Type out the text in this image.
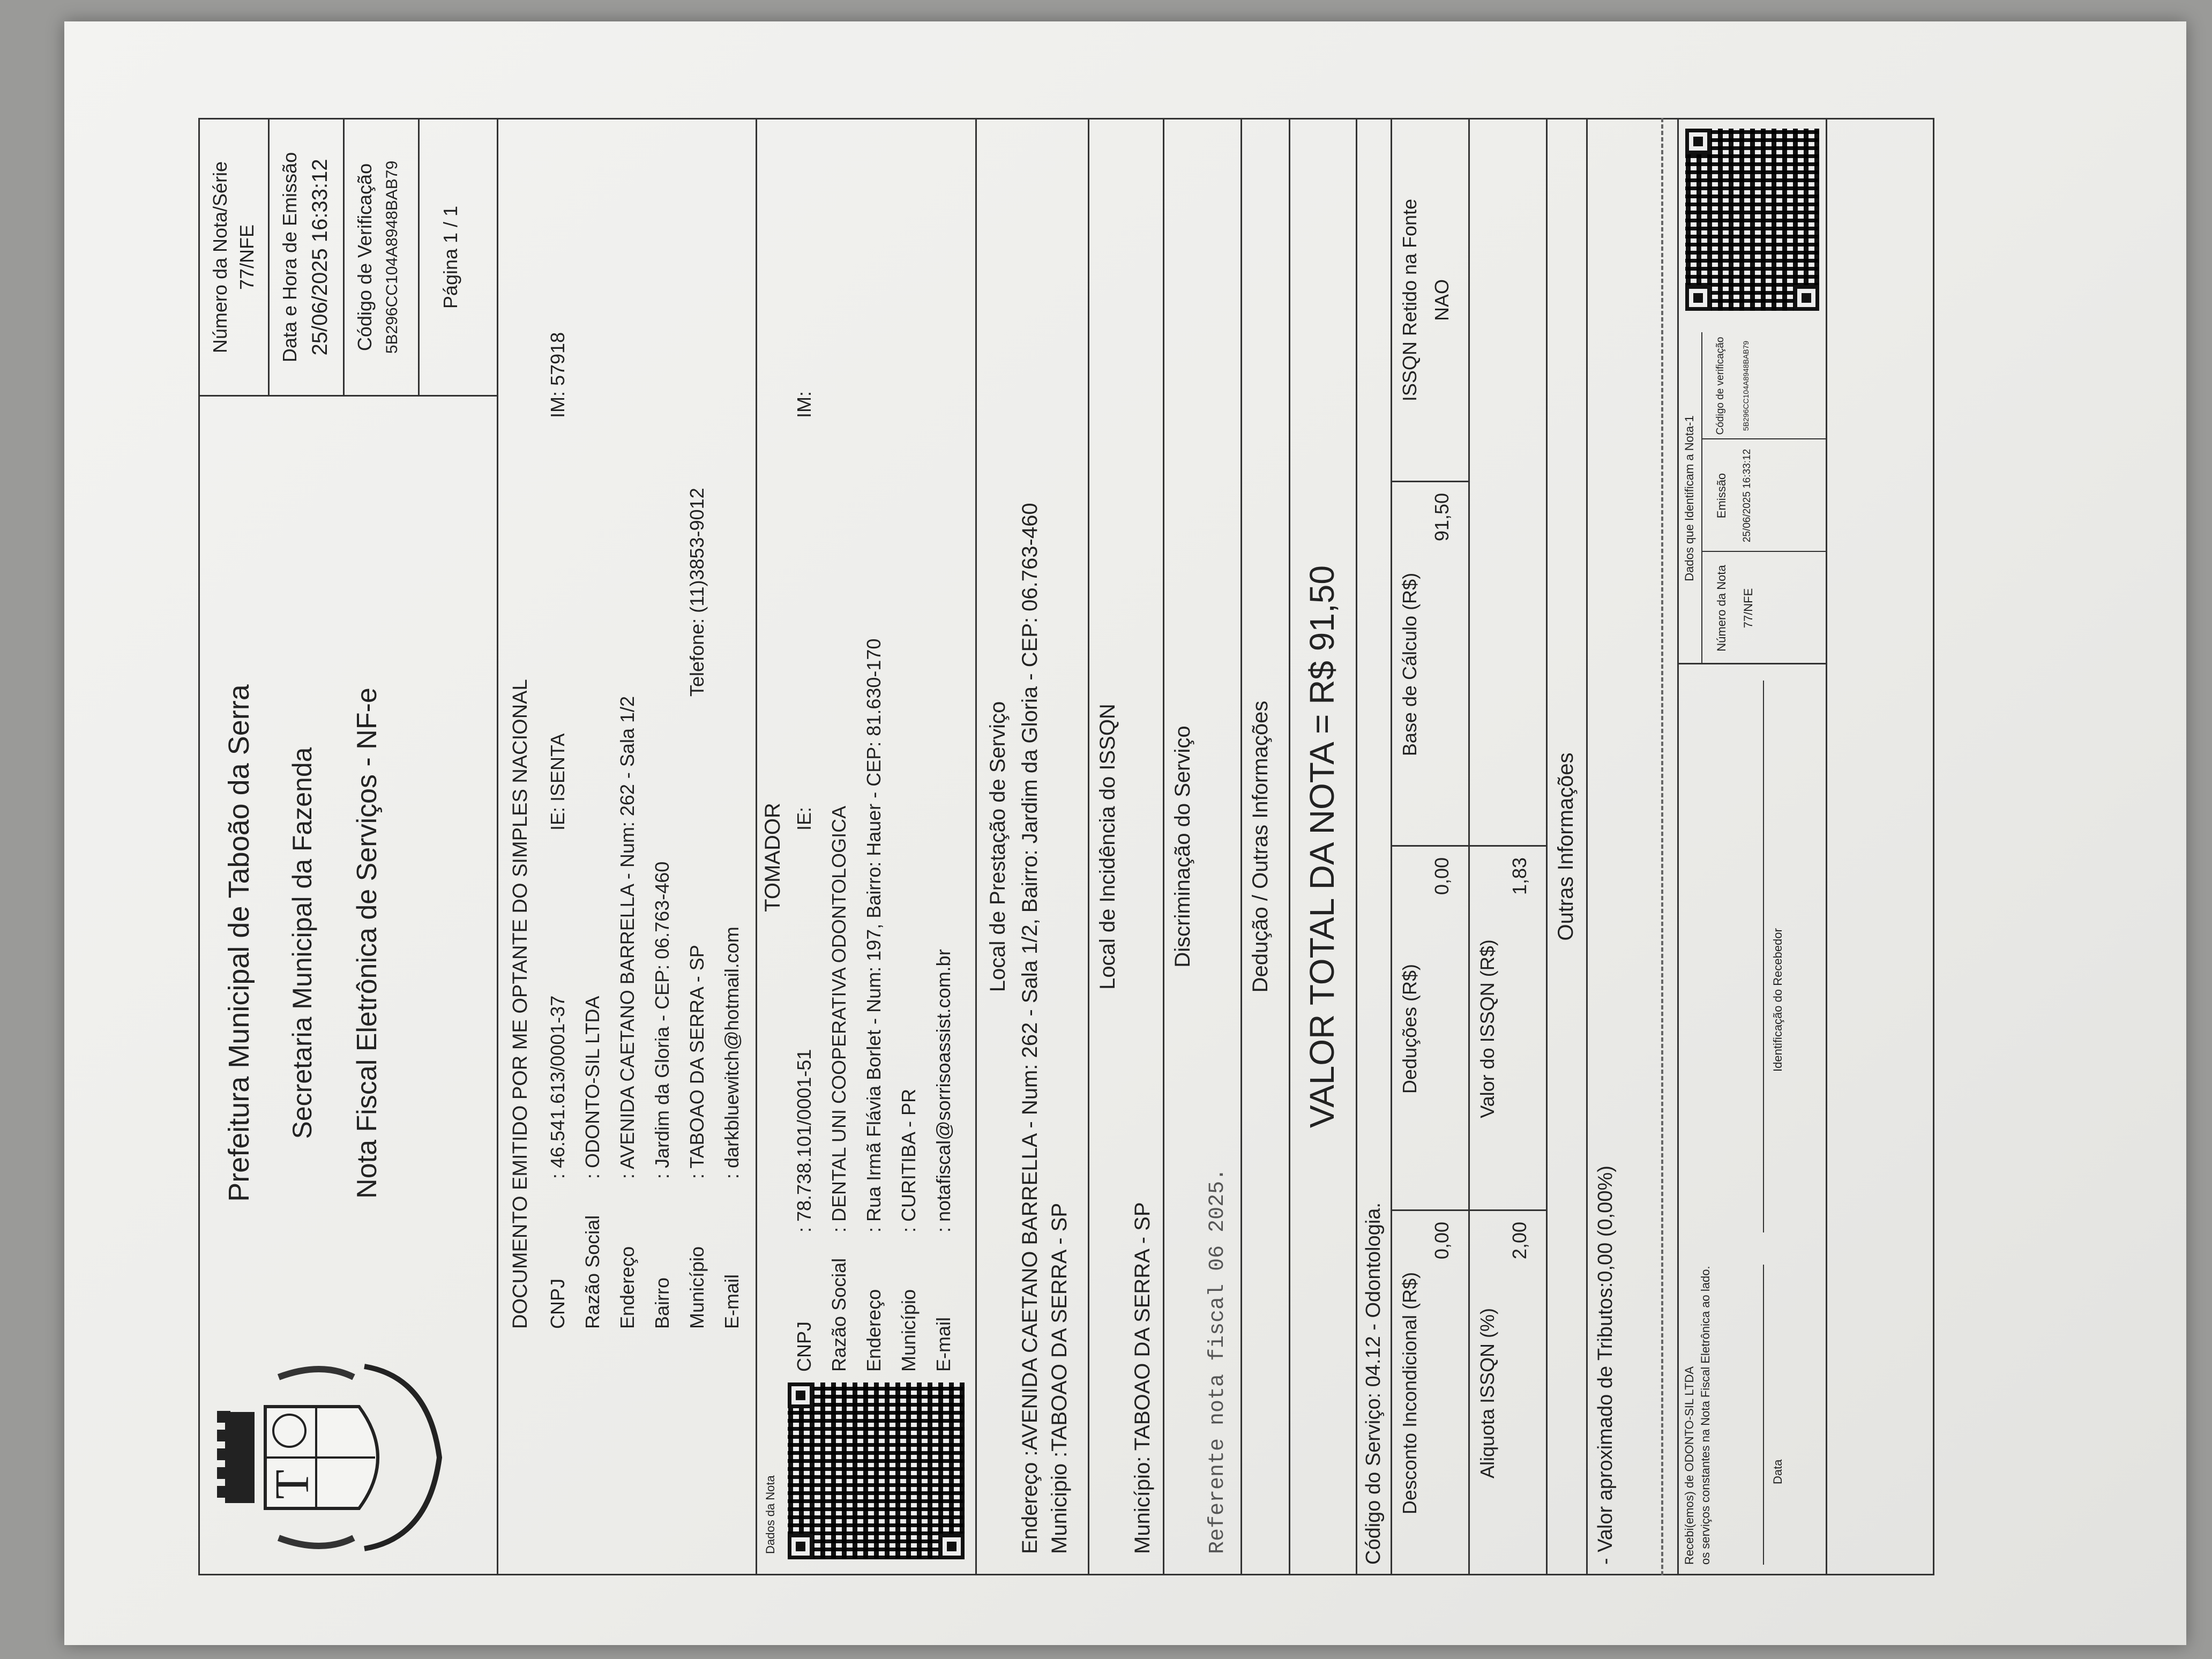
T
Prefeitura Municipal de Taboão da Serra Secretaria Municipal da Fazenda Nota Fiscal Eletrônica de Serviços - NF-e
Número da Nota/Série 77/NFE Data e Hora de Emissão 25/06/2025 16:33:12 Código de Verificação 5B296CC104A8948BAB79 Página 1 / 1
DOCUMENTO EMITIDO POR ME OPTANTE DO SIMPLES NACIONAL CNPJ
: 46.541.613/0001-37
IE: ISENTA
IM: 57918
Razão Social
: ODONTO-SIL LTDA
Endereço
: AVENIDA CAETANO BARRELLA - Num: 262 - Sala 1/2
Bairro
: Jardim da Gloria - CEP: 06.763-460
Município
: TABOAO DA SERRA - SP
Telefone: (11)3853-9012
E-mail
: darkbluewitch@hotmail.com
Dados da Nota
TOMADOR
CNPJ
: 78.738.101/0001-51
IE:
IM:
Razão Social
: DENTAL UNI COOPERATIVA ODONTOLOGICA
Endereço
: Rua Irmã Flávia Borlet - Num: 197, Bairro: Hauer - CEP: 81.630-170
Município
: CURITIBA - PR
E-mail
: notafiscal@sorrisoassist.com.br
Local de Prestação de Serviço Endereço :AVENIDA CAETANO BARRELLA - Num: 262 - Sala 1/2, Bairro: Jardim da Gloria - CEP: 06.763-460 Municipio :TABOAO DA SERRA - SP
Local de Incidência do ISSQN
Município: TABOAO DA SERRA - SP
Discriminação do Serviço
Referente nota fiscal 06 2025.
Dedução / Outras Informações VALOR TOTAL DA NOTA = R$ 91,50
Código do Serviço: 04.12 - Odontologia. Desconto Incondicional (R$)
0,00
Deduções (R$)
0,00
Base de Cálculo (R$)
91,50
ISSQN Retido na Fonte NAO
Aliquota ISSQN (%)
2,00
Valor do ISSQN (R$)
1,83 Outras Informações
- Valor aproximado de Tributos:0,00 (0,00%)	Recebi(emos) de ODONTO-SIL LTDA os serviços constantes na Nota Fiscal Eletrônica ao lado.	Data
Identificação do Recebedor
Dados que Identificam a Nota-1
Número da Nota 77/NFE
Emissão 25/06/2025 16:33:12
Código de verificação 5B296CC104A8948BAB79
